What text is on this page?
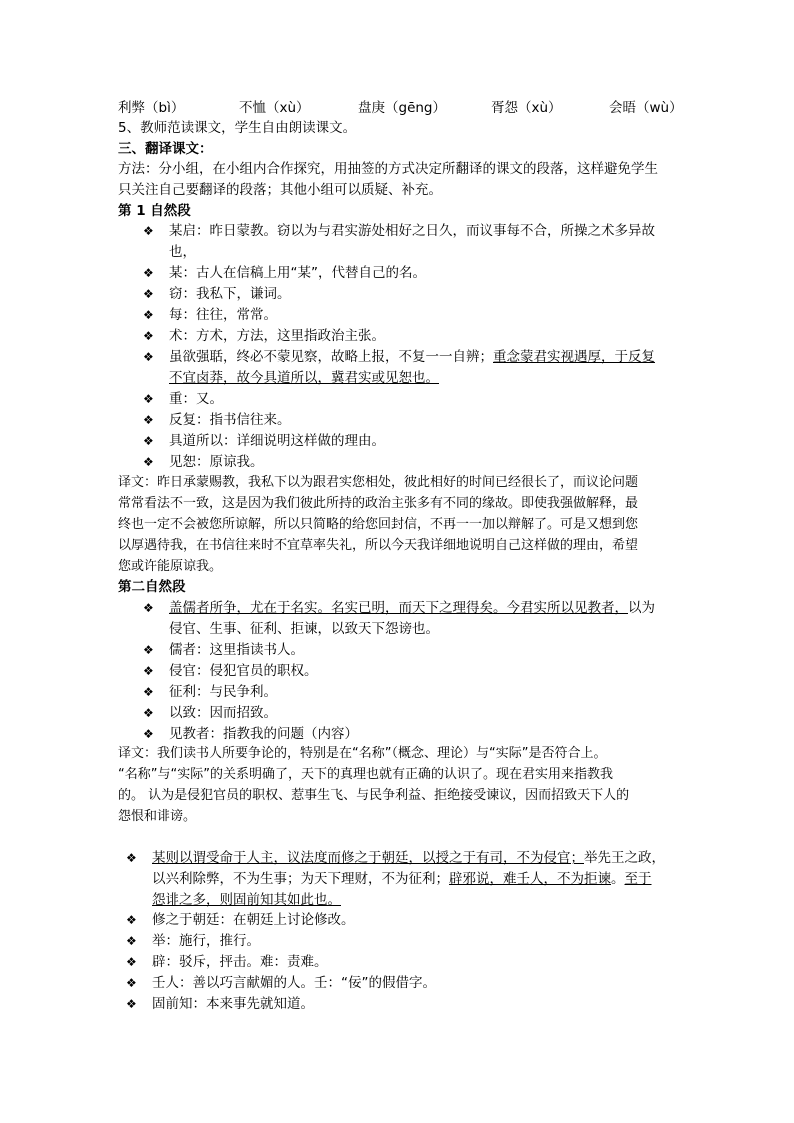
利弊（bì）	不恤（xù）	盘庚（gēng）	胥怨（xù）	会晤（wù）
5、教师范读课文，学生自由朗读课文。
三、翻译课文：
方法：分小组，在小组内合作探究，用抽签的方式决定所翻译的课文的段落，这样避免学生
只关注自己要翻译的段落；其他小组可以质疑、补充。
第 1 自然段
❖ 某启：昨日蒙教。窃以为与君实游处相好之日久，而议事每不合，所操之术多异故
也，
❖ 某：古人在信稿上用“某”，代替自己的名。
❖ 窃：我私下，谦词。
❖ 每：往往，常常。
❖ 术：方术，方法，这里指政治主张。
❖ 虽欲强聒，终必不蒙见察，故略上报，不复一一自辨；重念蒙君实视遇厚，于反复
不宜卤莽，故今具道所以，冀君实或见恕也。
❖ 重：又。
❖ 反复：指书信往来。
❖ 具道所以：详细说明这样做的理由。
❖ 见恕：原谅我。
译文：昨日承蒙赐教，我私下以为跟君实您相处，彼此相好的时间已经很长了，而议论问题
常常看法不一致，这是因为我们彼此所持的政治主张多有不同的缘故。即使我强做解释，最
终也一定不会被您所谅解，所以只简略的给您回封信，不再一一加以辩解了。可是又想到您
以厚遇待我，在书信往来时不宜草率失礼，所以今天我详细地说明自己这样做的理由，希望
您或许能原谅我。
第二自然段
❖ 盖儒者所争，尤在于名实。名实已明，而天下之理得矣。今君实所以见教者，以为
侵官、生事、征利、拒谏，以致天下怨谤也。
❖ 儒者：这里指读书人。
❖ 侵官：侵犯官员的职权。
❖ 征利：与民争利。
❖ 以致：因而招致。
❖ 见教者：指教我的问题（内容）
译文：我们读书人所要争论的，特别是在“名称”（概念、理论）与“实际”是否符合上。
“名称”与“实际”的关系明确了，天下的真理也就有正确的认识了。现在君实用来指教我
的。 认为是侵犯官员的职权、惹事生飞、与民争利益、拒绝接受谏议，因而招致天下人的
怨恨和诽谤。
❖ 某则以谓受命于人主，议法度而修之于朝廷，以授之于有司，不为侵官；举先王之政，
以兴利除弊，不为生事；为天下理财，不为征利；辟邪说，难壬人，不为拒谏。至于
怨诽之多，则固前知其如此也。
❖ 修之于朝廷：在朝廷上讨论修改。
❖ 举：施行，推行。
❖ 辟：驳斥，抨击。难：责难。
❖ 壬人：善以巧言献媚的人。壬：“佞”的假借字。
❖ 固前知：本来事先就知道。
